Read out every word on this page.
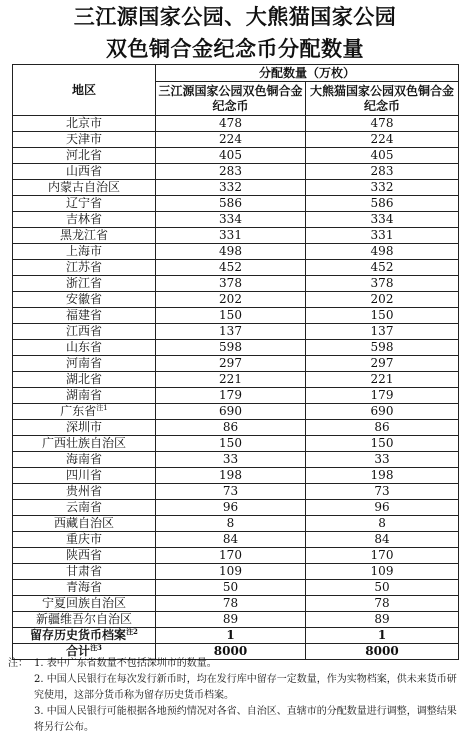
三江源国家公园、大熊猫国家公园
双色铜合金纪念币分配数量
地区	分配数量（万枚）	
	三江源国家公园双色铜合金纪念币	大熊猫国家公园双色铜合金纪念币
北京市	478	478
天津市	224	224
河北省	405	405
山西省	283	283
内蒙古自治区	332	332
辽宁省	586	586
吉林省	334	334
黑龙江省	331	331
上海市	498	498
江苏省	452	452
浙江省	378	378
安徽省	202	202
福建省	150	150
江西省	137	137
山东省	598	598
河南省	297	297
湖北省	221	221
湖南省	179	179
广东省$^{注1}$	690	690
深圳市	86	86
广西壮族自治区	150	150
海南省	33	33
四川省	198	198
贵州省	73	73
云南省	96	96
西藏自治区	8	8
重庆市	84	84
陕西省	170	170
甘肃省	109	109
青海省	50	50
宁夏回族自治区	78	78
新疆维吾尔自治区	89	89
留存历史货币档案$^{注2}$	1	1
合计$^{注3}$	8000	8000
注： 1. 表中广东省数量不包括深圳市的数量。
2. 中国人民银行在每次发行新币时，均在发行库中留存一定数量，作为实物档案，供未来货币研究使用，这部分货币称为留存历史货币档案。
3. 中国人民银行可能根据各地预约情况对各省、自治区、直辖市的分配数量进行调整，调整结果将另行公布。
